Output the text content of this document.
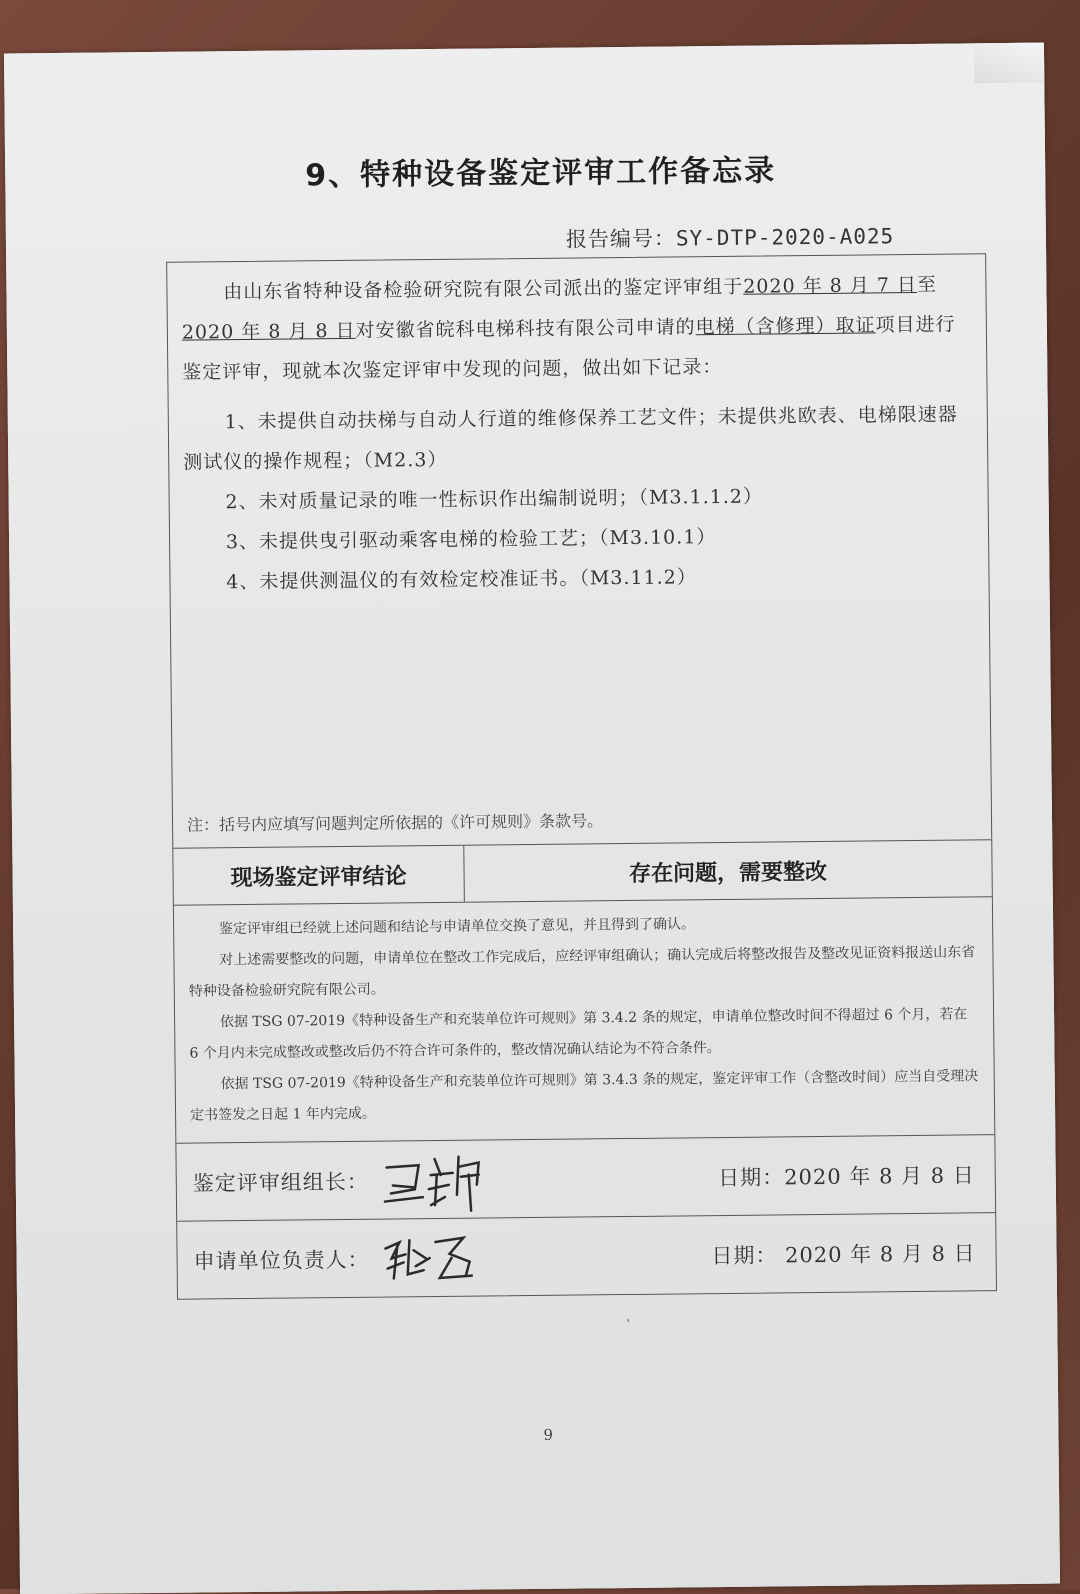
9、特种设备鉴定评审工作备忘录
报告编号：SY-DTP-2020-A025
由山东省特种设备检验研究院有限公司派出的鉴定评审组于2020 年 8 月 7 日至2020 年 8 月 8 日对安徽省皖科电梯科技有限公司申请的电梯（含修理）取证项目进行鉴定评审，现就本次鉴定评审中发现的问题，做出如下记录：
1、未提供自动扶梯与自动人行道的维修保养工艺文件；未提供兆欧表、电梯限速器测试仪的操作规程；（M2.3）
2、未对质量记录的唯一性标识作出编制说明；（M3.1.1.2）
3、未提供曳引驱动乘客电梯的检验工艺；（M3.10.1）
4、未提供测温仪的有效检定校准证书。（M3.11.2）
注：括号内应填写问题判定所依据的《许可规则》条款号。
现场鉴定评审结论	存在问题，需要整改
鉴定评审组已经就上述问题和结论与申请单位交换了意见，并且得到了确认。
对上述需要整改的问题，申请单位在整改工作完成后，应经评审组确认；确认完成后将整改报告及整改见证资料报送山东省特种设备检验研究院有限公司。
依据 TSG 07-2019《特种设备生产和充装单位许可规则》第 3.4.2 条的规定，申请单位整改时间不得超过 6 个月，若在 6 个月内未完成整改或整改后仍不符合许可条件的，整改情况确认结论为不符合条件。
依据 TSG 07-2019《特种设备生产和充装单位许可规则》第 3.4.3 条的规定，鉴定评审工作（含整改时间）应当自受理决定书签发之日起 1 年内完成。
鉴定评审组组长：	日期：2020 年 8 月 8 日
申请单位负责人：	日期： 2020 年 8 月 8 日
9
